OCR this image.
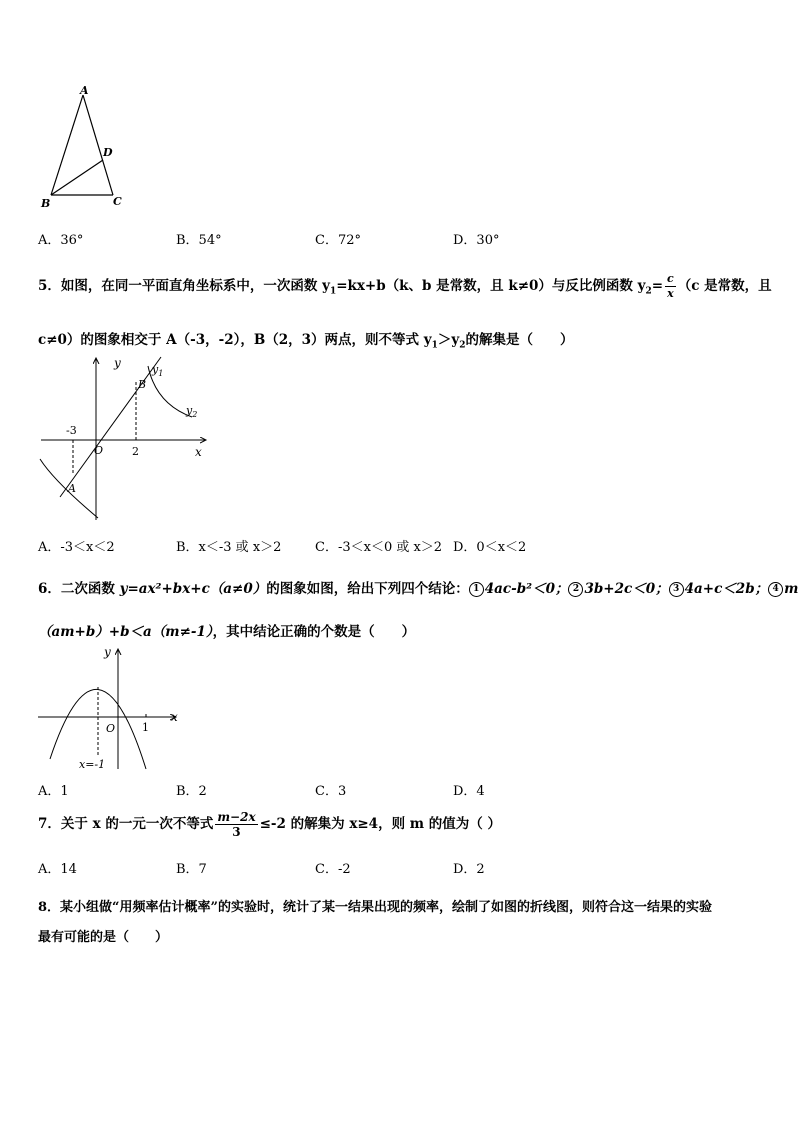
A
D
B	C
A．36°	B．54°	C．72°	D．30°
5．如图，在同一平面直角坐标系中，一次函数 $y_1=kx+b(k$、b 是常数，且 k≠0）与反比例函数 $y_2= \frac{c}{x} (c$ 是常数，且
c≠0）的图象相交于 A（-3，-2），B（2，3）两点，则不等式 $y_1>y_2$的解集是（　　）
y	$y_1$
$y_2$
B
A
O	x
-3
2
A．-3＜x＜2	B．x＜-3 或 x＞2	C．-3＜x＜0 或 x＞2 D．0＜x＜2
6．二次函数 y=ax²+bx+c（a≠0）的图象如图，给出下列四个结论： 1 4ac-b²＜0； 2 3b+2c＜0； 3 4a+c＜2b； 4 m
（am+b）+b＜a（m≠-1），其中结论正确的个数是（　　）
y
x
O 1
x=-1
A．1	B．2	C．3	D．4
7．关于 x 的一元一次不等式 $\frac{m-2x}{3} \le-2$ 的解集为 x≥4，则 m 的值为（ ）
A．14	B．7	C．-2	D．2
8．某小组做“用频率估计概率”的实验时，统计了某一结果出现的频率，绘制了如图的折线图，则符合这一结果的实验
最有可能的是（　　）
